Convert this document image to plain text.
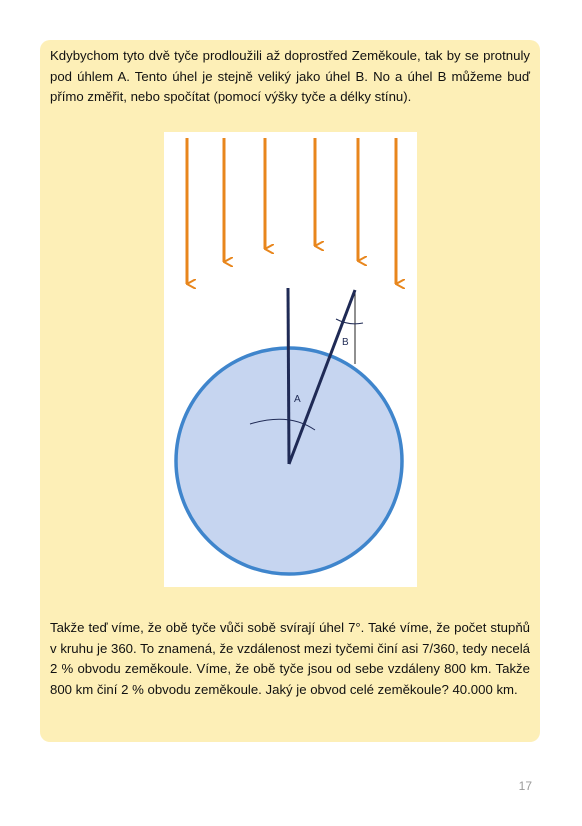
Kdybychom tyto dvě tyče prodloužili až doprostřed Zeměkoule, tak by se protnuly pod úhlem A. Tento úhel je stejně veliký jako úhel B. No a úhel B můžeme buď přímo změřit, nebo spočítat (pomocí výšky tyče a délky stínu).

A
B

Takže teď víme, že obě tyče vůči sobě svírají úhel 7°. Také víme, že počet stupňů v kruhu je 360. To znamená, že vzdálenost mezi tyčemi činí asi 7/360, tedy necelá 2 % obvodu zeměkoule. Víme, že obě tyče jsou od sebe vzdáleny 800 km. Takže 800 km činí 2 % obvodu zeměkoule. Jaký je obvod celé zeměkoule? 40.000 km.

17
